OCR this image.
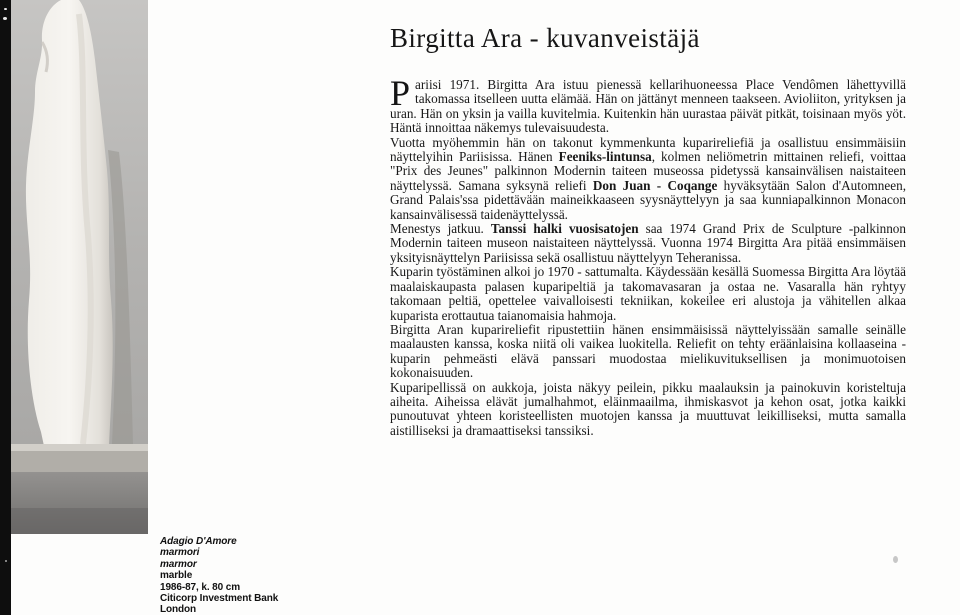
Adagio D'Amore
marmori
marmor
marble
1986-87, k. 80 cm
Citicorp Investment Bank
London
Birgitta Ara - kuvanveistäjä

Pariisi 1971. Birgitta Ara istuu pienessä kellarihuoneessa Place Vendômen lähettyvillä takomassa itselleen uutta elämää. Hän on jättänyt menneen taakseen. Avioliiton, yrityksen ja uran. Hän on yksin ja vailla kuvitelmia. Kuitenkin hän uurastaa päivät pitkät, toisinaan myös yöt. Häntä innoittaa näkemys tulevaisuudesta.

Vuotta myöhemmin hän on takonut kymmenkunta kuparireliefiä ja osallistuu ensimmäisiin näyttelyihin Pariisissa. Hänen Feeniks-lintunsa, kolmen neliömetrin mittainen reliefi, voittaa "Prix des Jeunes" palkinnon Modernin taiteen museossa pidetyssä kansainvälisen naistaiteen näyttelyssä. Samana syksynä reliefi Don Juan - Coqange hyväksytään Salon d'Automneen, Grand Palais'ssa pidettävään maineikkaaseen syysnäyttelyyn ja saa kunniapalkinnon Monacon kansainvälisessä taidenäyttelyssä.

Menestys jatkuu. Tanssi halki vuosisatojen saa 1974 Grand Prix de Sculpture -palkinnon Modernin taiteen museon naistaiteen näyttelyssä. Vuonna 1974 Birgitta Ara pitää ensimmäisen yksityisnäyttelyn Pariisissa sekä osallistuu näyttelyyn Teheranissa.

Kuparin työstäminen alkoi jo 1970 - sattumalta. Käydessään kesällä Suomessa Birgitta Ara löytää maalaiskaupasta palasen kuparipeltiä ja takomavasaran ja ostaa ne. Vasaralla hän ryhtyy takomaan peltiä, opettelee vaivalloisesti tekniikan, kokeilee eri alustoja ja vähitellen alkaa kuparista erottautua taianomaisia hahmoja.

Birgitta Aran kuparireliefit ripustettiin hänen ensimmäisissä näyttelyissään samalle seinälle maalausten kanssa, koska niitä oli vaikea luokitella. Reliefit on tehty eräänlaisina kollaaseina - kuparin pehmeästi elävä panssari muodostaa mielikuvituksellisen ja monimuotoisen kokonaisuuden.

Kuparipellissä on aukkoja, joista näkyy peilein, pikku maalauksin ja painokuvin koristeltuja aiheita. Aiheissa elävät jumalhahmot, eläinmaailma, ihmiskasvot ja kehon osat, jotka kaikki punoutuvat yhteen koristeellisten muotojen kanssa ja muuttuvat leikilliseksi, mutta samalla aistilliseksi ja dramaattiseksi tanssiksi.
